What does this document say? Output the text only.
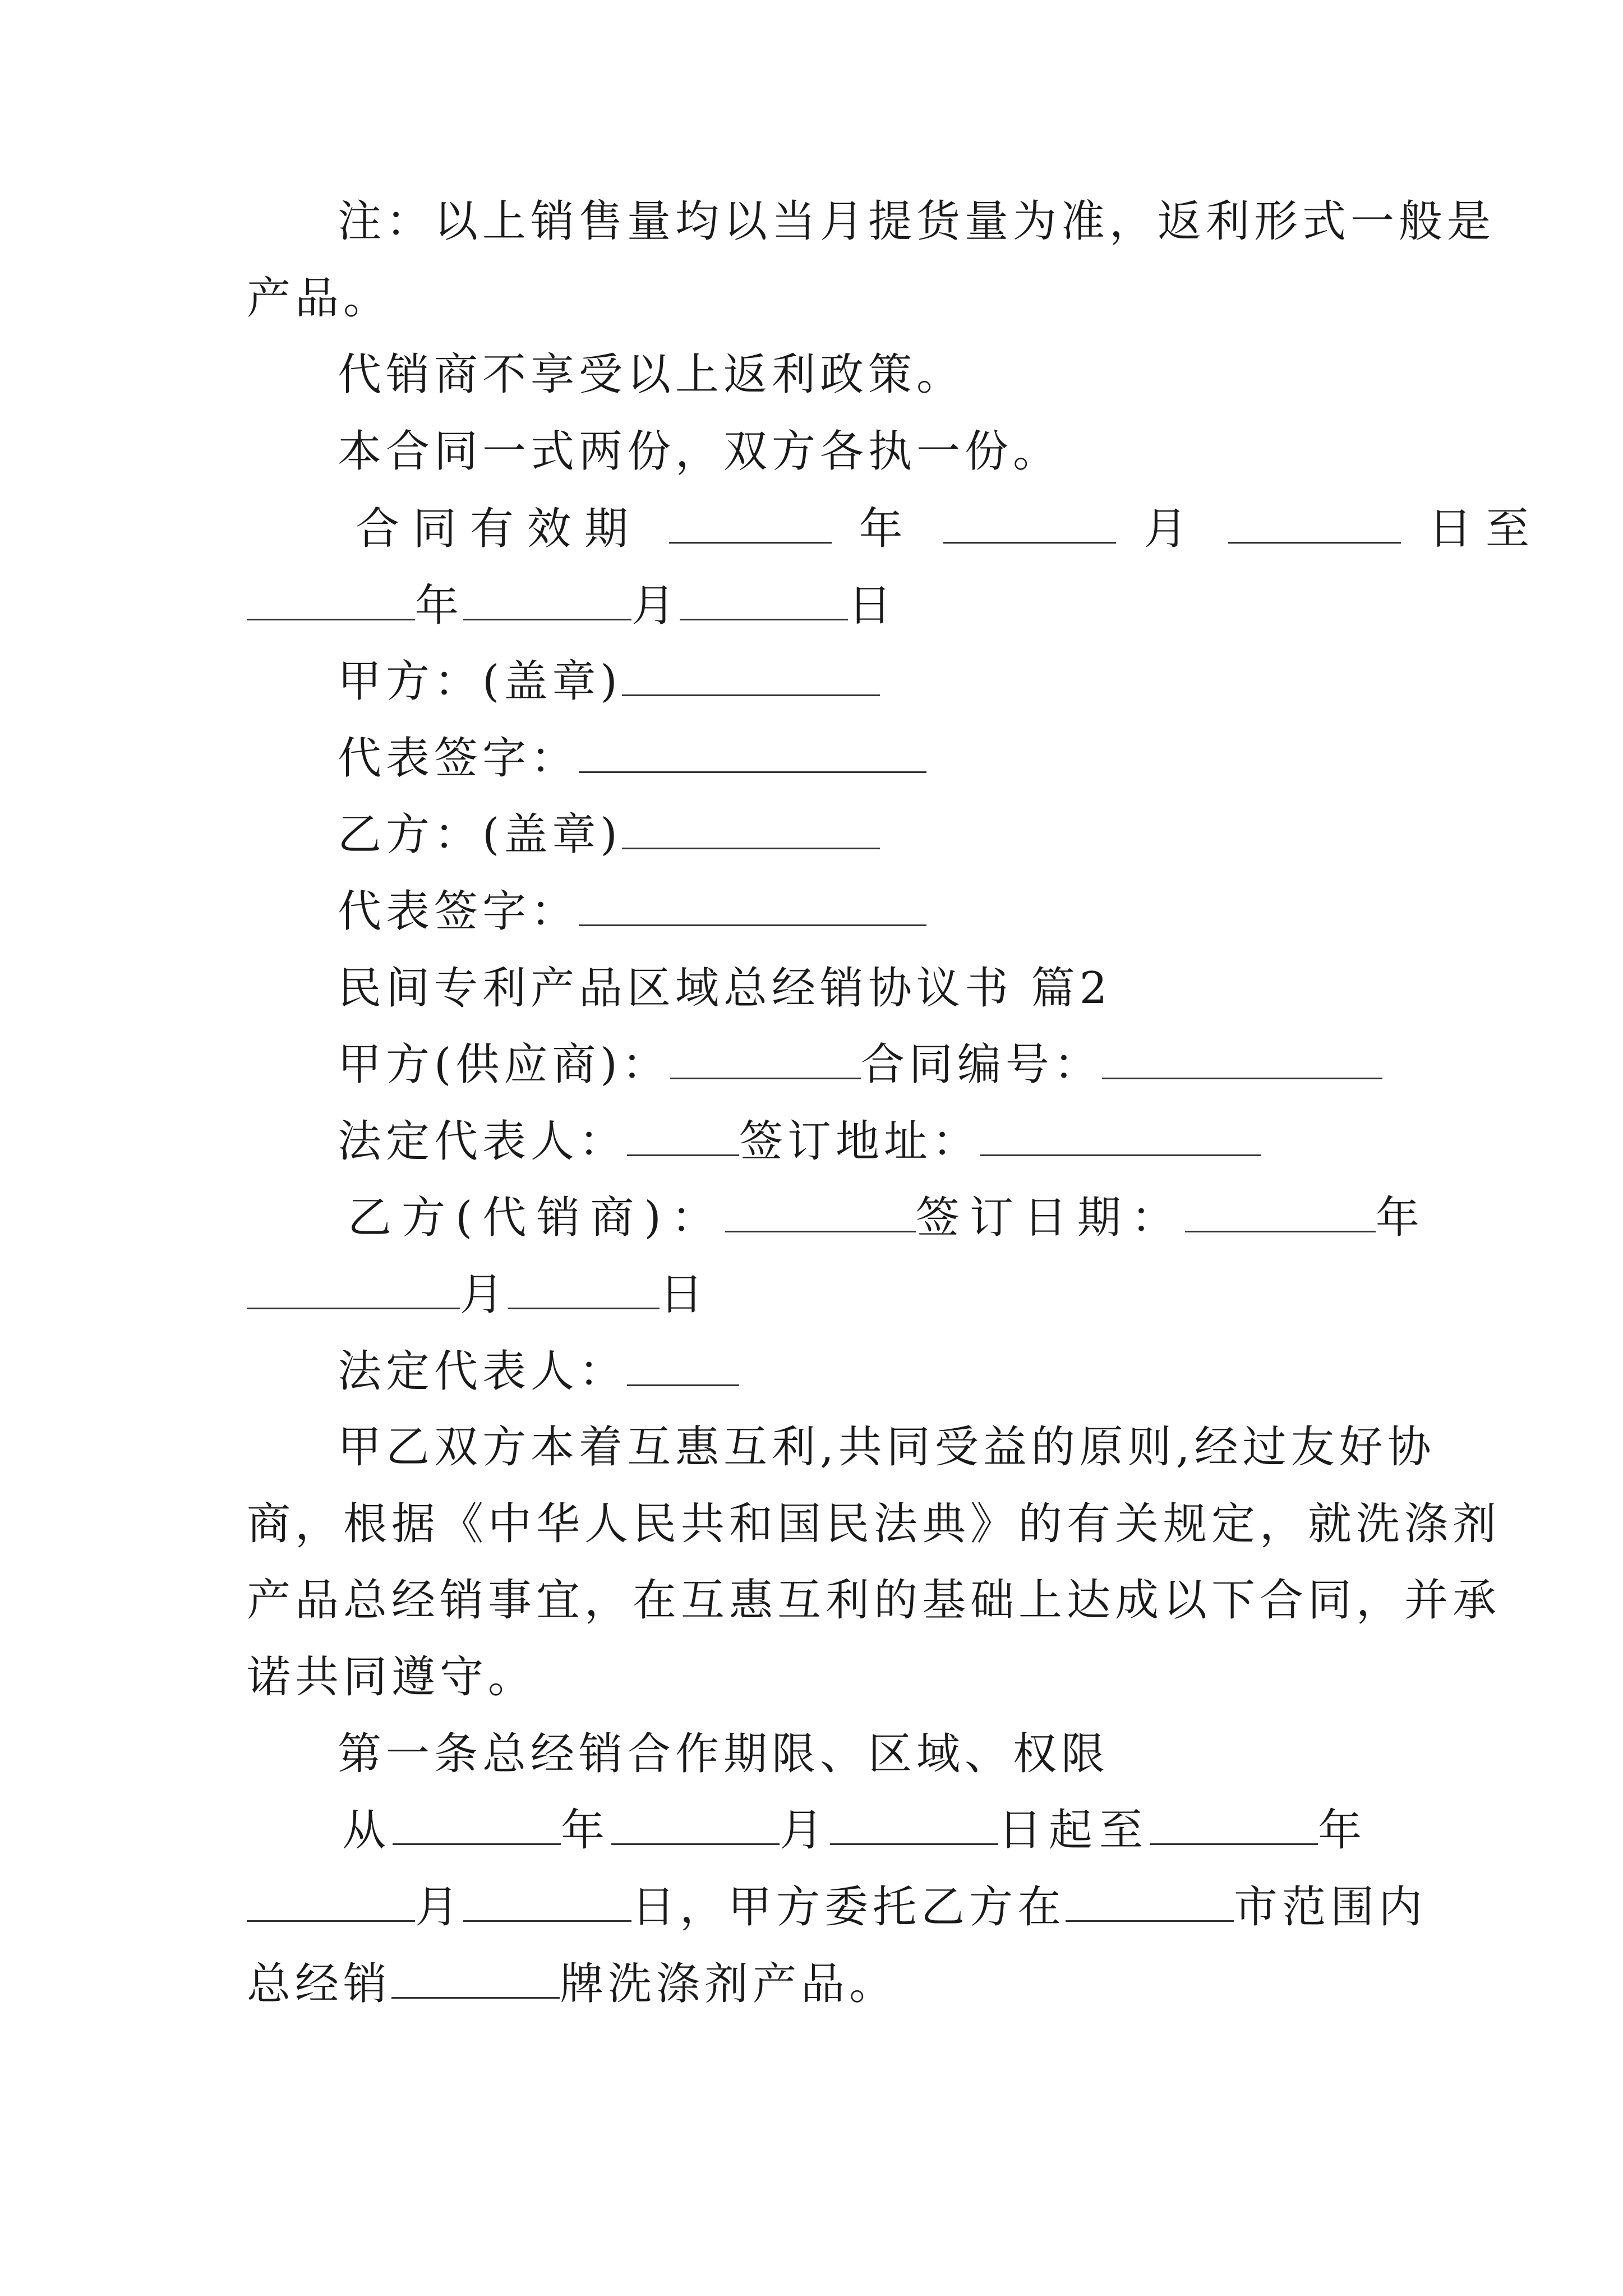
注：以上销售量均以当月提货量为准，返利形式一般是
产品。
代销商不享受以上返利政策。
本合同一式两份，双方各执一份。
合同有效期	年	月	日至
年	月	日
甲方：(盖章)
代表签字：
乙方：(盖章)
代表签字：
民间专利产品区域总经销协议书 篇2
甲方(供应商)：	合同编号：
法定代表人：	签订地址：
乙方(代销商)：	签订日期：	年
月	日
法定代表人：
甲乙双方本着互惠互利,共同受益的原则,经过友好协
商，根据《中华人民共和国民法典》的有关规定，就洗涤剂
产品总经销事宜，在互惠互利的基础上达成以下合同，并承
诺共同遵守。
第一条总经销合作期限、区域、权限
从	年	月	日起至	年
月	日，甲方委托乙方在	市范围内
总经销	牌洗涤剂产品。
